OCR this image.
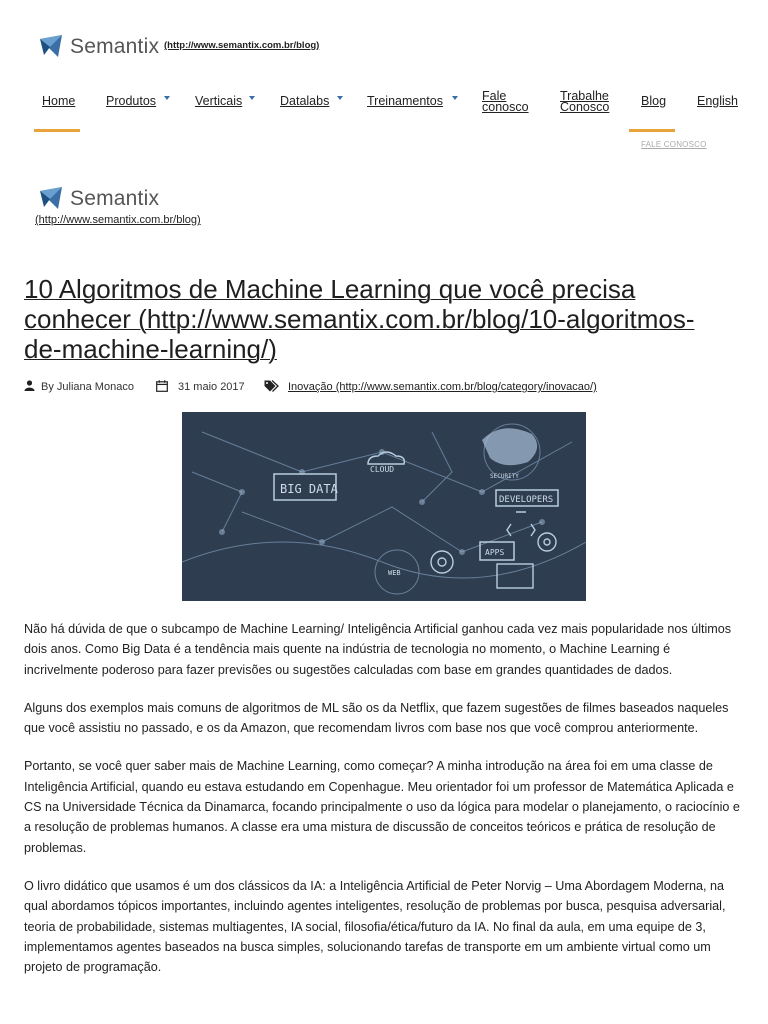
Semantix (http://www.semantix.com.br/blog)
Home Produtos	Verticais	Datalabs	Treinamentos	Fale
conosco
Trabalhe
Conosco	Blog English
FALE CONOSCO
Semantix
(http://www.semantix.com.br/blog)
10 Algoritmos de Machine Learning que você precisa conhecer (http://www.semantix.com.br/blog/10-algoritmos-de-machine-learning/)
By Juliana Monaco	31 maio 2017	Inovação (http://www.semantix.com.br/blog/category/inovacao/)
CLOUD
BIG DATA
SECURITY
DEVELOPERS
APPS
WEB

Não há dúvida de que o subcampo de Machine Learning/ Inteligência Artificial ganhou cada vez mais popularidade nos últimos dois anos. Como Big Data é a tendência mais quente na indústria de tecnologia no momento, o Machine Learning é incrivelmente poderoso para fazer previsões ou sugestões calculadas com base em grandes quantidades de dados.

Alguns dos exemplos mais comuns de algoritmos de ML são os da Netflix, que fazem sugestões de filmes baseados naqueles que você assistiu no passado, e os da Amazon, que recomendam livros com base nos que você comprou anteriormente.

Portanto, se você quer saber mais de Machine Learning, como começar? A minha introdução na área foi em uma classe de Inteligência Artificial, quando eu estava estudando em Copenhague. Meu orientador foi um professor de Matemática Aplicada e CS na Universidade Técnica da Dinamarca, focando principalmente o uso da lógica para modelar o planejamento, o raciocínio e a resolução de problemas humanos. A classe era uma mistura de discussão de conceitos teóricos e prática de resolução de problemas.

O livro didático que usamos é um dos clássicos da IA: a Inteligência Artificial de Peter Norvig – Uma Abordagem Moderna, na qual abordamos tópicos importantes, incluindo agentes inteligentes, resolução de problemas por busca, pesquisa adversarial, teoria de probabilidade, sistemas multiagentes, IA social, filosofia/ética/futuro da IA. No final da aula, em uma equipe de 3, implementamos agentes baseados na busca simples, solucionando tarefas de transporte em um ambiente virtual como um projeto de programação.
